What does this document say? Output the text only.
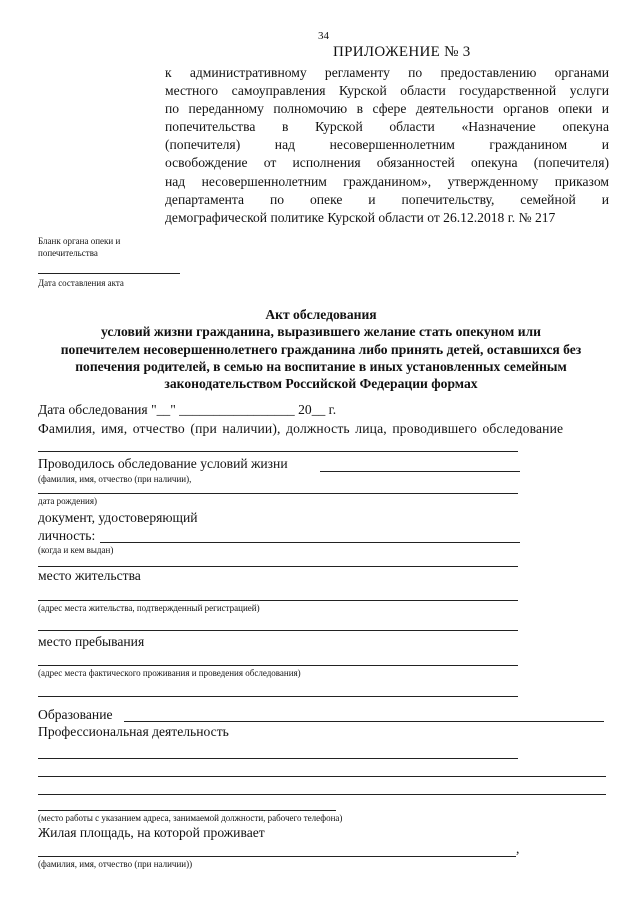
34
ПРИЛОЖЕНИЕ № 3
к административному регламенту по предоставлению органами
местного самоуправления Курской области государственной услуги
по переданному полномочию в сфере деятельности органов опеки и
попечительства в Курской области «Назначение опекуна
(попечителя) над несовершеннолетним гражданином и
освобождение от исполнения обязанностей опекуна (попечителя)
над несовершеннолетним гражданином», утвержденному приказом
департамента по опеке и попечительству, семейной и
демографической политике Курской области от 26.12.2018 г. № 217
Бланк органа опеки и
попечительства
Дата составления акта
Акт обследования
условий жизни гражданина, выразившего желание стать опекуном или
попечителем несовершеннолетнего гражданина либо принять детей, оставшихся без
попечения родителей, в семью на воспитание в иных установленных семейным
законодательством Российской Федерации формах
Дата обследования "__" _________________ 20__ г.
Фамилия, имя, отчество (при наличии), должность лица, проводившего обследование
Проводилось обследование условий жизни
(фамилия, имя, отчество (при наличии),
дата рождения)
документ, удостоверяющий
личность:
(когда и кем выдан)
место жительства
(адрес места жительства, подтвержденный регистрацией)
место пребывания
(адрес места фактического проживания и проведения обследования)
Образование
Профессиональная деятельность
(место работы с указанием адреса, занимаемой должности, рабочего телефона)
Жилая площадь, на которой проживает
,
(фамилия, имя, отчество (при наличии))
